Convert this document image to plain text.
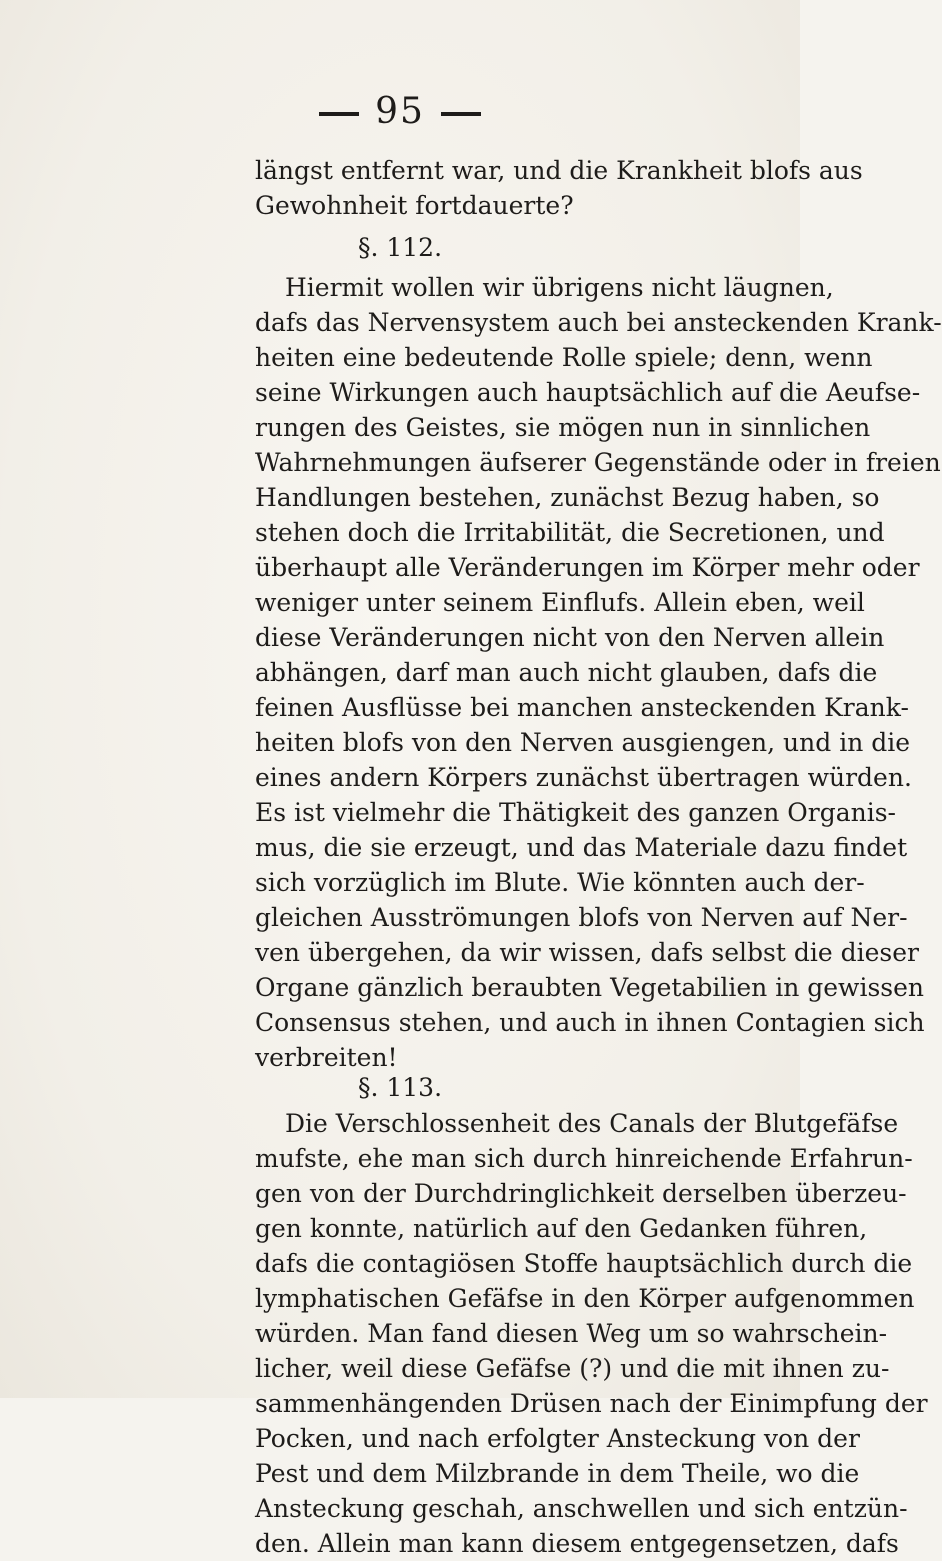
95
längst entfernt war, und die Krankheit blofs aus
Gewohnheit fortdauerte?
§. 112.
Hiermit wollen wir übrigens nicht läugnen,
dafs das Nervensystem auch bei ansteckenden Krank-
heiten eine bedeutende Rolle spiele; denn, wenn
seine Wirkungen auch hauptsächlich auf die Aeufse-
rungen des Geistes, sie mögen nun in sinnlichen
Wahrnehmungen äufserer Gegenstände oder in freien
Handlungen bestehen, zunächst Bezug haben, so
stehen doch die Irritabilität, die Secretionen, und
überhaupt alle Veränderungen im Körper mehr oder
weniger unter seinem Einflufs. Allein eben, weil
diese Veränderungen nicht von den Nerven allein
abhängen, darf man auch nicht glauben, dafs die
feinen Ausflüsse bei manchen ansteckenden Krank-
heiten blofs von den Nerven ausgiengen, und in die
eines andern Körpers zunächst übertragen würden.
Es ist vielmehr die Thätigkeit des ganzen Organis-
mus, die sie erzeugt, und das Materiale dazu findet
sich vorzüglich im Blute. Wie könnten auch der-
gleichen Ausströmungen blofs von Nerven auf Ner-
ven übergehen, da wir wissen, dafs selbst die dieser
Organe gänzlich beraubten Vegetabilien in gewissen
Consensus stehen, und auch in ihnen Contagien sich
verbreiten!
§. 113.
Die Verschlossenheit des Canals der Blutgefäfse
mufste, ehe man sich durch hinreichende Erfahrun-
gen von der Durchdringlichkeit derselben überzeu-
gen konnte, natürlich auf den Gedanken führen,
dafs die contagiösen Stoffe hauptsächlich durch die
lymphatischen Gefäfse in den Körper aufgenommen
würden. Man fand diesen Weg um so wahrschein-
licher, weil diese Gefäfse (?) und die mit ihnen zu-
sammenhängenden Drüsen nach der Einimpfung der
Pocken, und nach erfolgter Ansteckung von der
Pest und dem Milzbrande in dem Theile, wo die
Ansteckung geschah, anschwellen und sich entzün-
den. Allein man kann diesem entgegensetzen, dafs
